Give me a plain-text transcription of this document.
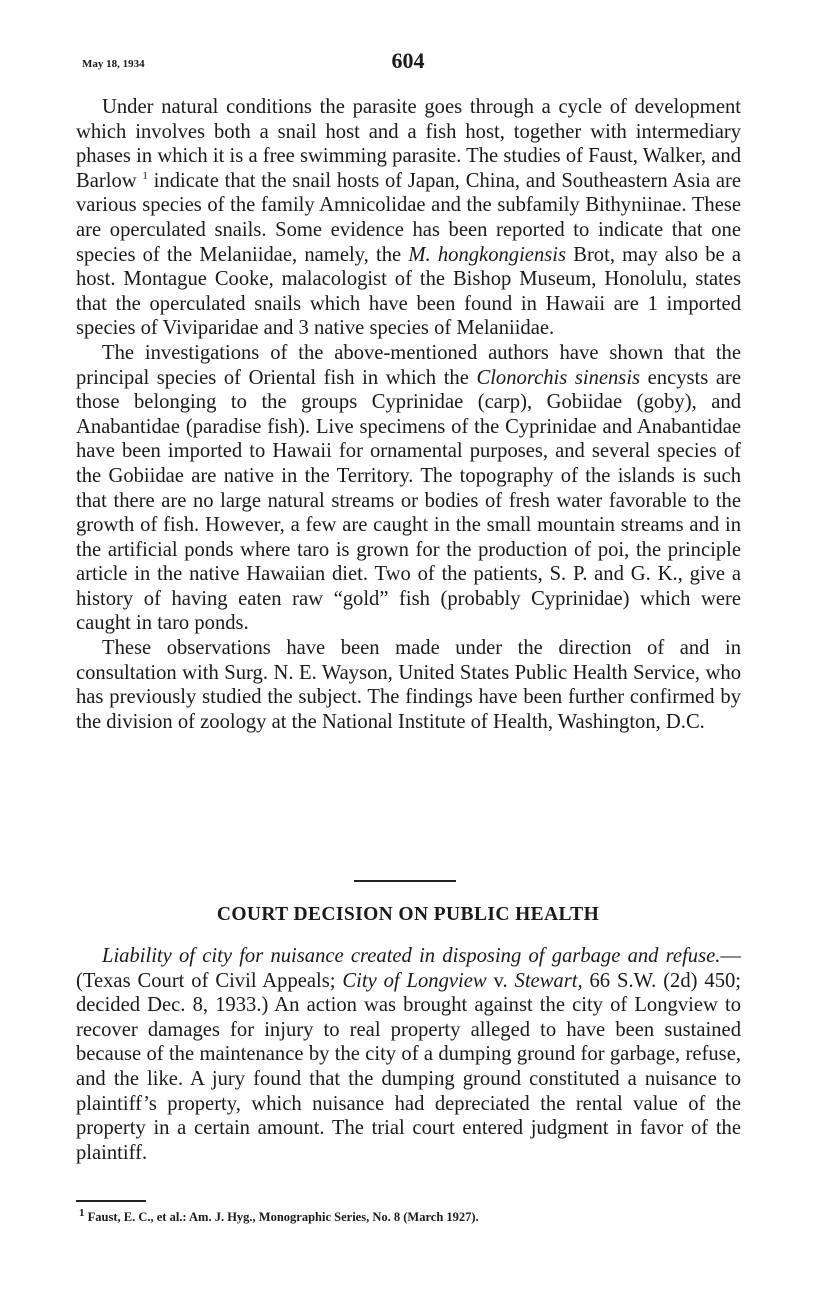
May 18, 1934	604

Under natural conditions the parasite goes through a cycle of development which involves both a snail host and a fish host, together with intermediary phases in which it is a free swimming parasite. The studies of Faust, Walker, and Barlow $^1$ indicate that the snail hosts of Japan, China, and Southeastern Asia are various species of the family Amnicolidae and the subfamily Bithyniinae. These are operculated snails. Some evidence has been reported to indicate that one species of the Melaniidae, namely, the M. hongkongiensis Brot, may also be a host. Montague Cooke, malacologist of the Bishop Museum, Honolulu, states that the operculated snails which have been found in Hawaii are 1 imported species of Viviparidae and 3 native species of Melaniidae.

The investigations of the above-mentioned authors have shown that the principal species of Oriental fish in which the Clonorchis sinensis encysts are those belonging to the groups Cyprinidae (carp), Gobiidae (goby), and Anabantidae (paradise fish). Live specimens of the Cyprinidae and Anabantidae have been imported to Hawaii for ornamental purposes, and several species of the Gobiidae are native in the Territory. The topography of the islands is such that there are no large natural streams or bodies of fresh water favorable to the growth of fish. However, a few are caught in the small mountain streams and in the artificial ponds where taro is grown for the production of poi, the principle article in the native Hawaiian diet. Two of the patients, S. P. and G. K., give a history of having eaten raw “gold” fish (probably Cyprinidae) which were caught in taro ponds.

These observations have been made under the direction of and in consultation with Surg. N. E. Wayson, United States Public Health Service, who has previously studied the subject. The findings have been further confirmed by the division of zoology at the National Institute of Health, Washington, D.C.

COURT DECISION ON PUBLIC HEALTH

Liability of city for nuisance created in disposing of garbage and refuse.—(Texas Court of Civil Appeals; City of Longview v. Stewart, 66 S.W. (2d) 450; decided Dec. 8, 1933.) An action was brought against the city of Longview to recover damages for injury to real property alleged to have been sustained because of the maintenance by the city of a dumping ground for garbage, refuse, and the like. A jury found that the dumping ground constituted a nuisance to plaintiff’s property, which nuisance had depreciated the rental value of the property in a certain amount. The trial court entered judgment in favor of the plaintiff.

$^1$ Faust, E. C., et al.: Am. J. Hyg., Monographic Series, No. 8 (March 1927).
